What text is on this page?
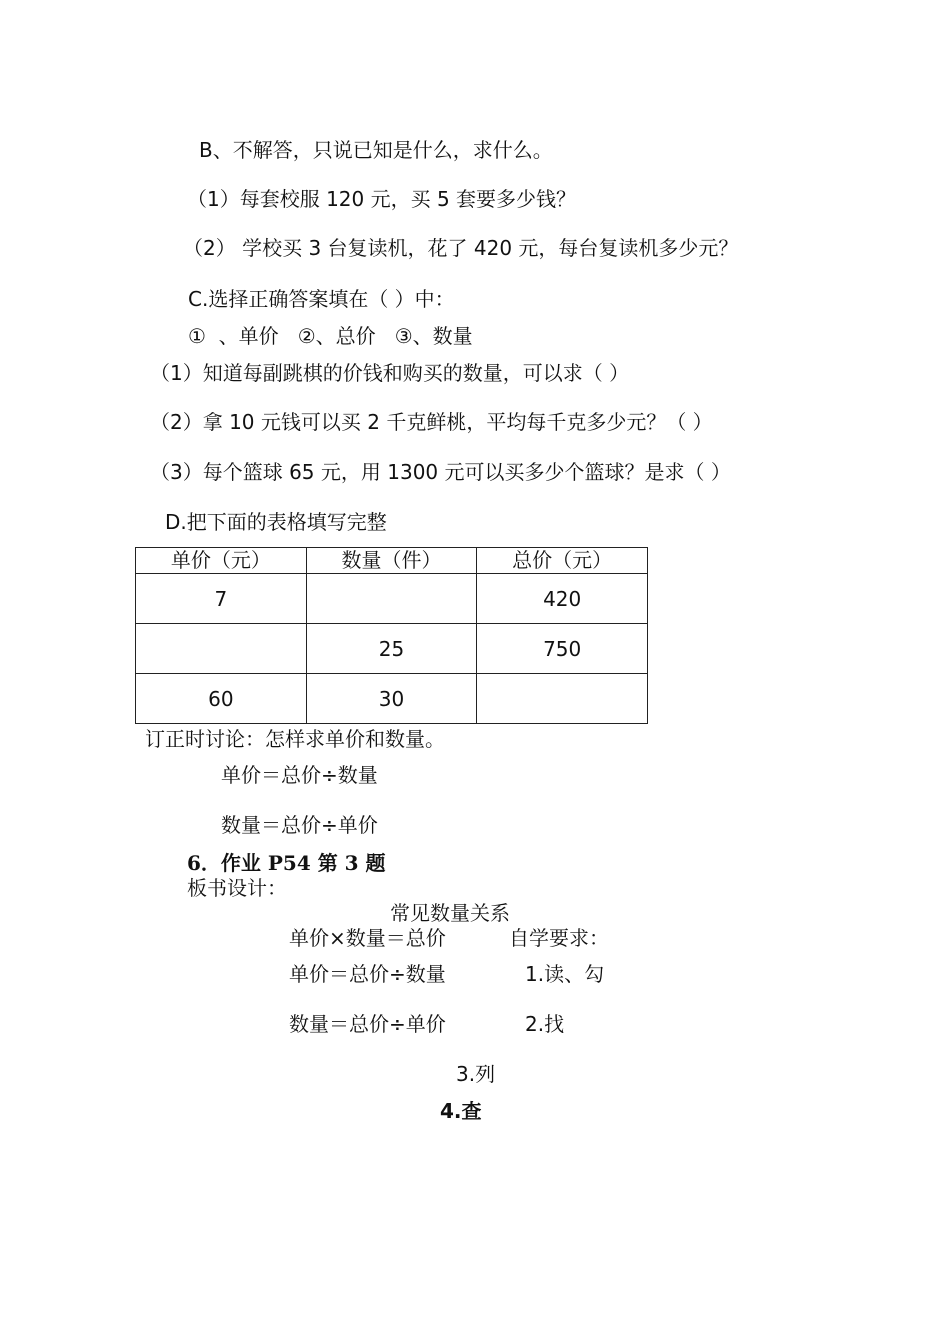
B、不解答，只说已知是什么，求什么。
（1）每套校服 120 元，买 5 套要多少钱？
（2） 学校买 3 台复读机，花了 420 元，每台复读机多少元？
C.选择正确答案填在（ ）中：
①  、单价   ②、总价   ③、数量
（1）知道每副跳棋的价钱和购买的数量，可以求（ ）
（2）拿 10 元钱可以买 2 千克鲜桃，平均每千克多少元？（ ）
（3）每个篮球 65 元，用 1300 元可以买多少个篮球？是求（ ）
D.把下面的表格填写完整
单价（元）	数量（件）	总价（元）
7		420
	25	750
60	30	
订正时讨论：怎样求单价和数量。
单价＝总价÷数量
数量＝总价÷单价
6．作业 P54 第 3 题
板书设计：
常见数量关系
单价×数量＝总价	自学要求：
单价＝总价÷数量	1.读、勾
数量＝总价÷单价	2.找
3.列
4.查
